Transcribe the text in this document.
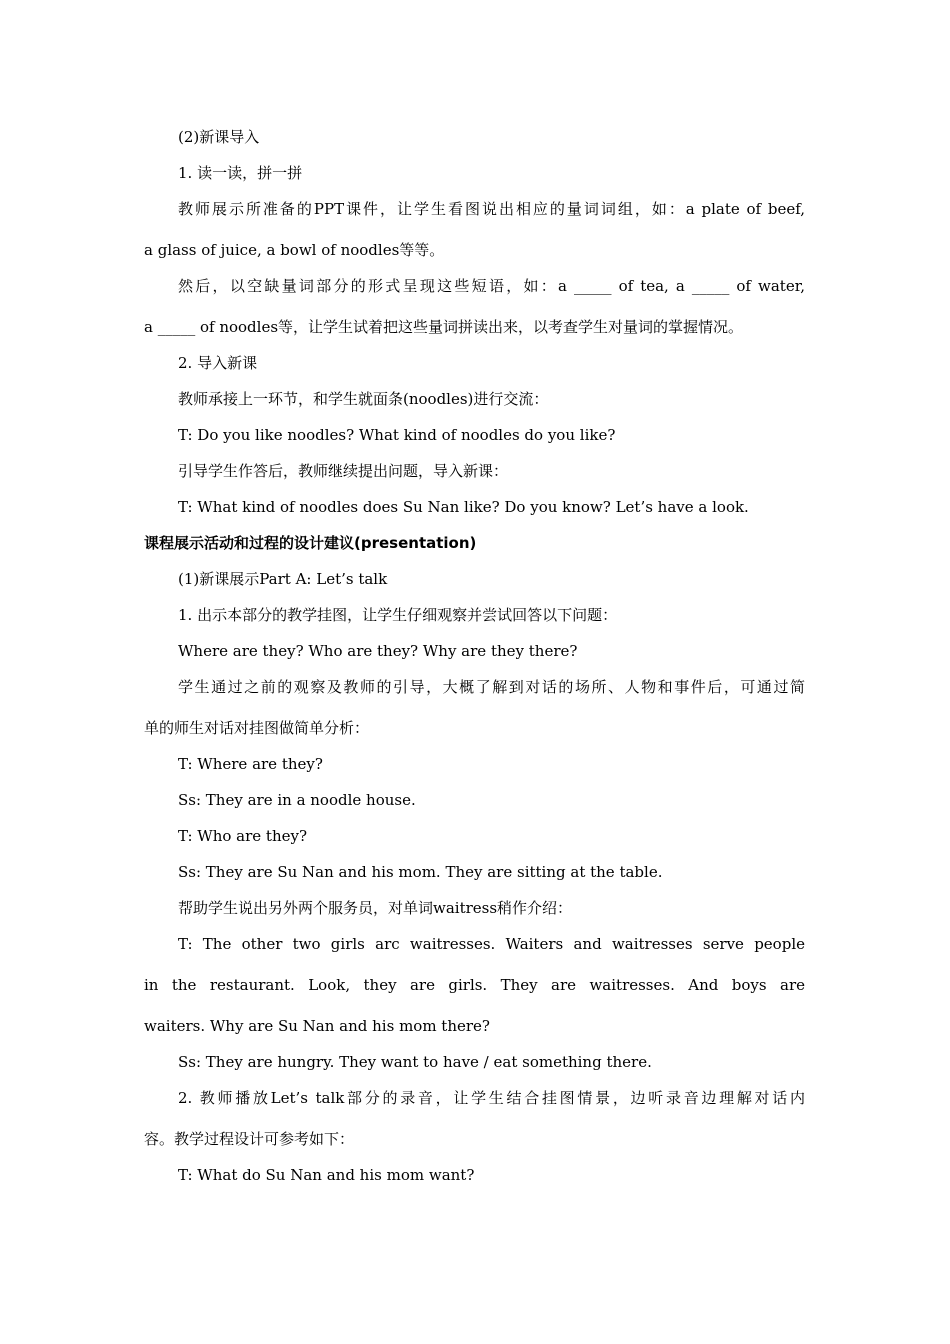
(2)新课导入

1. 读一读，拼一拼

教师展示所准备的PPT课件，让学生看图说出相应的量词词组，如：a plate of beef,

a glass of juice, a bowl of noodles等等。

然后，以空缺量词部分的形式呈现这些短语，如：a _____ of tea, a _____ of water,

a _____ of noodles等，让学生试着把这些量词拼读出来，以考查学生对量词的掌握情况。

2. 导入新课

教师承接上一环节，和学生就面条(noodles)进行交流：

T: Do you like noodles? What kind of noodles do you like?

引导学生作答后，教师继续提出问题，导入新课：

T: What kind of noodles does Su Nan like? Do you know? Let’s have a look.

课程展示活动和过程的设计建议(presentation)

(1)新课展示Part A: Let’s talk

1. 出示本部分的教学挂图，让学生仔细观察并尝试回答以下问题：

Where are they? Who are they? Why are they there?

学生通过之前的观察及教师的引导，大概了解到对话的场所、人物和事件后，可通过简

单的师生对话对挂图做简单分析：

T: Where are they?

Ss: They are in a noodle house.

T: Who are they?

Ss: They are Su Nan and his mom. They are sitting at the table.

帮助学生说出另外两个服务员，对单词waitress稍作介绍：

T: The other two girls arc waitresses. Waiters and waitresses serve people

in the restaurant. Look, they are girls. They are waitresses. And boys are

waiters. Why are Su Nan and his mom there?

Ss: They are hungry. They want to have / eat something there.

2. 教师播放Let’s talk部分的录音，让学生结合挂图情景，边听录音边理解对话内

容。教学过程设计可参考如下：

T: What do Su Nan and his mom want?
